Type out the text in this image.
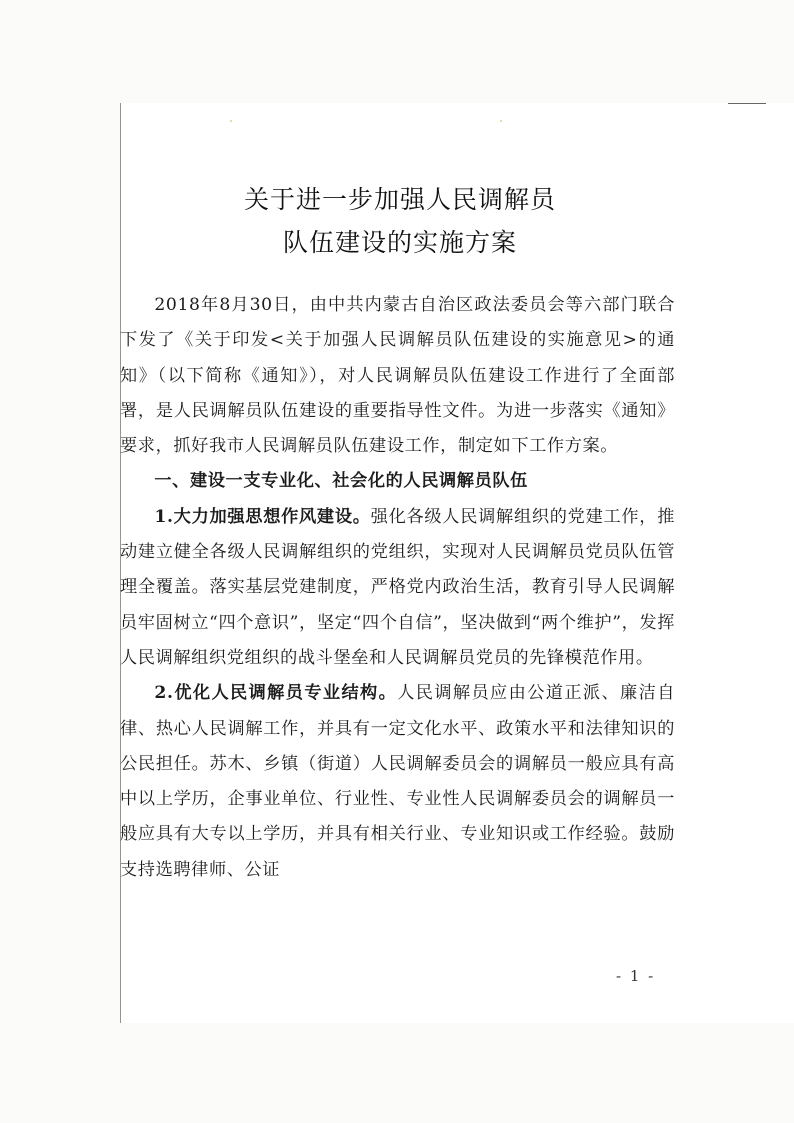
关于进一步加强人民调解员
队伍建设的实施方案

2018年8月30日，由中共内蒙古自治区政法委员会等六部门联合下发了《关于印发<关于加强人民调解员队伍建设的实施意见>的通知》（以下简称《通知》），对人民调解员队伍建设工作进行了全面部署，是人民调解员队伍建设的重要指导性文件。为进一步落实《通知》要求，抓好我市人民调解员队伍建设工作，制定如下工作方案。

一、建设一支专业化、社会化的人民调解员队伍

1.大力加强思想作风建设。强化各级人民调解组织的党建工作，推动建立健全各级人民调解组织的党组织，实现对人民调解员党员队伍管理全覆盖。落实基层党建制度，严格党内政治生活，教育引导人民调解员牢固树立“四个意识”，坚定“四个自信”，坚决做到“两个维护”，发挥人民调解组织党组织的战斗堡垒和人民调解员党员的先锋模范作用。

2.优化人民调解员专业结构。人民调解员应由公道正派、廉洁自律、热心人民调解工作，并具有一定文化水平、政策水平和法律知识的公民担任。苏木、乡镇（街道）人民调解委员会的调解员一般应具有高中以上学历，企事业单位、行业性、专业性人民调解委员会的调解员一般应具有大专以上学历，并具有相关行业、专业知识或工作经验。鼓励支持选聘律师、公证

- 1 -
